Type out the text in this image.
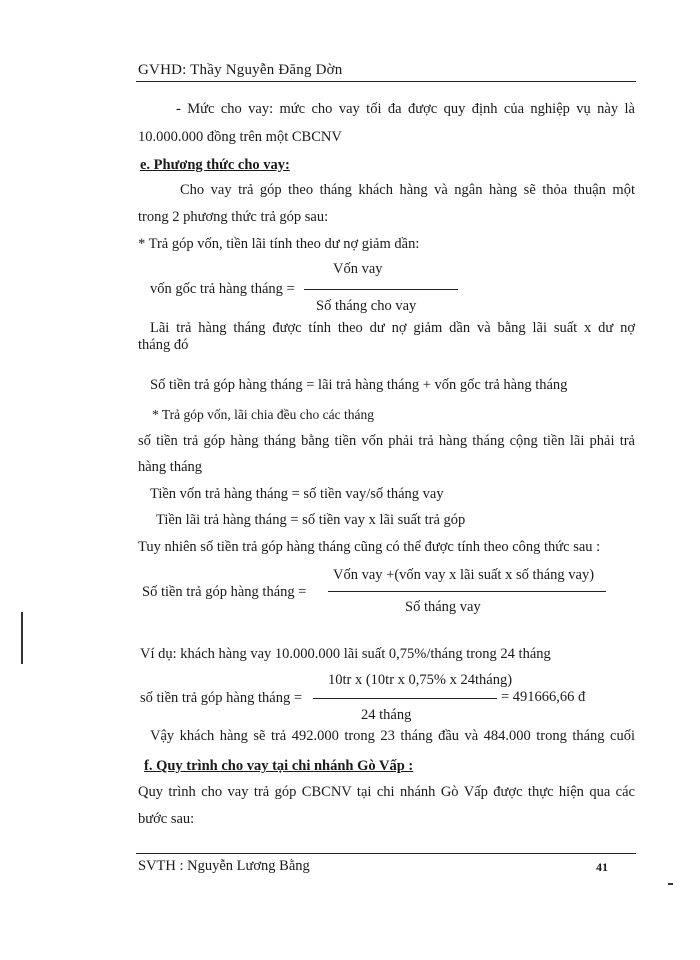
GVHD: Thầy Nguyễn Đăng Dờn
- Mức cho vay: mức cho vay tối đa được quy định của nghiệp vụ này là
10.000.000 đồng trên một CBCNV
e. Phương thức cho vay:
Cho vay trả góp theo tháng khách hàng và ngân hàng sẽ thỏa thuận một
trong 2 phương thức trả góp sau:
* Trả góp vốn, tiền lãi tính theo dư nợ giảm dần:
Vốn vay
vốn gốc trả hàng tháng =
Số tháng cho vay
Lãi trả hàng tháng được tính theo dư nợ giảm dần và bằng lãi suất x dư nợ
tháng đó
Số tiền trả góp hàng tháng = lãi trả hàng tháng + vốn gốc trả hàng tháng
* Trả góp vốn, lãi chia đều cho các tháng
số tiền trả góp hàng tháng bằng tiền vốn phải trả hàng tháng cộng tiền lãi phải trả
hàng tháng
Tiền vốn trả hàng tháng = số tiền vay/số tháng vay
Tiền lãi trả hàng tháng = số tiền vay x lãi suất trả góp
Tuy nhiên số tiền trả góp hàng tháng cũng có thể được tính theo công thức sau :
Vốn vay +(vốn vay x lãi suất x số tháng vay)
Số tiền trả góp hàng tháng =
Số tháng vay
Ví dụ: khách hàng vay 10.000.000 lãi suất 0,75%/tháng trong 24 tháng
10tr x (10tr x 0,75% x 24tháng)
số tiền trả góp hàng tháng =	= 491666,66 đ
24 tháng
Vậy khách hàng sẽ trả 492.000 trong 23 tháng đầu và 484.000 trong tháng cuối
f. Quy trình cho vay tại chi nhánh Gò Vấp :
Quy trình cho vay trả góp CBCNV tại chi nhánh Gò Vấp được thực hiện qua các
bước sau:
SVTH : Nguyễn Lương Bằng	41
